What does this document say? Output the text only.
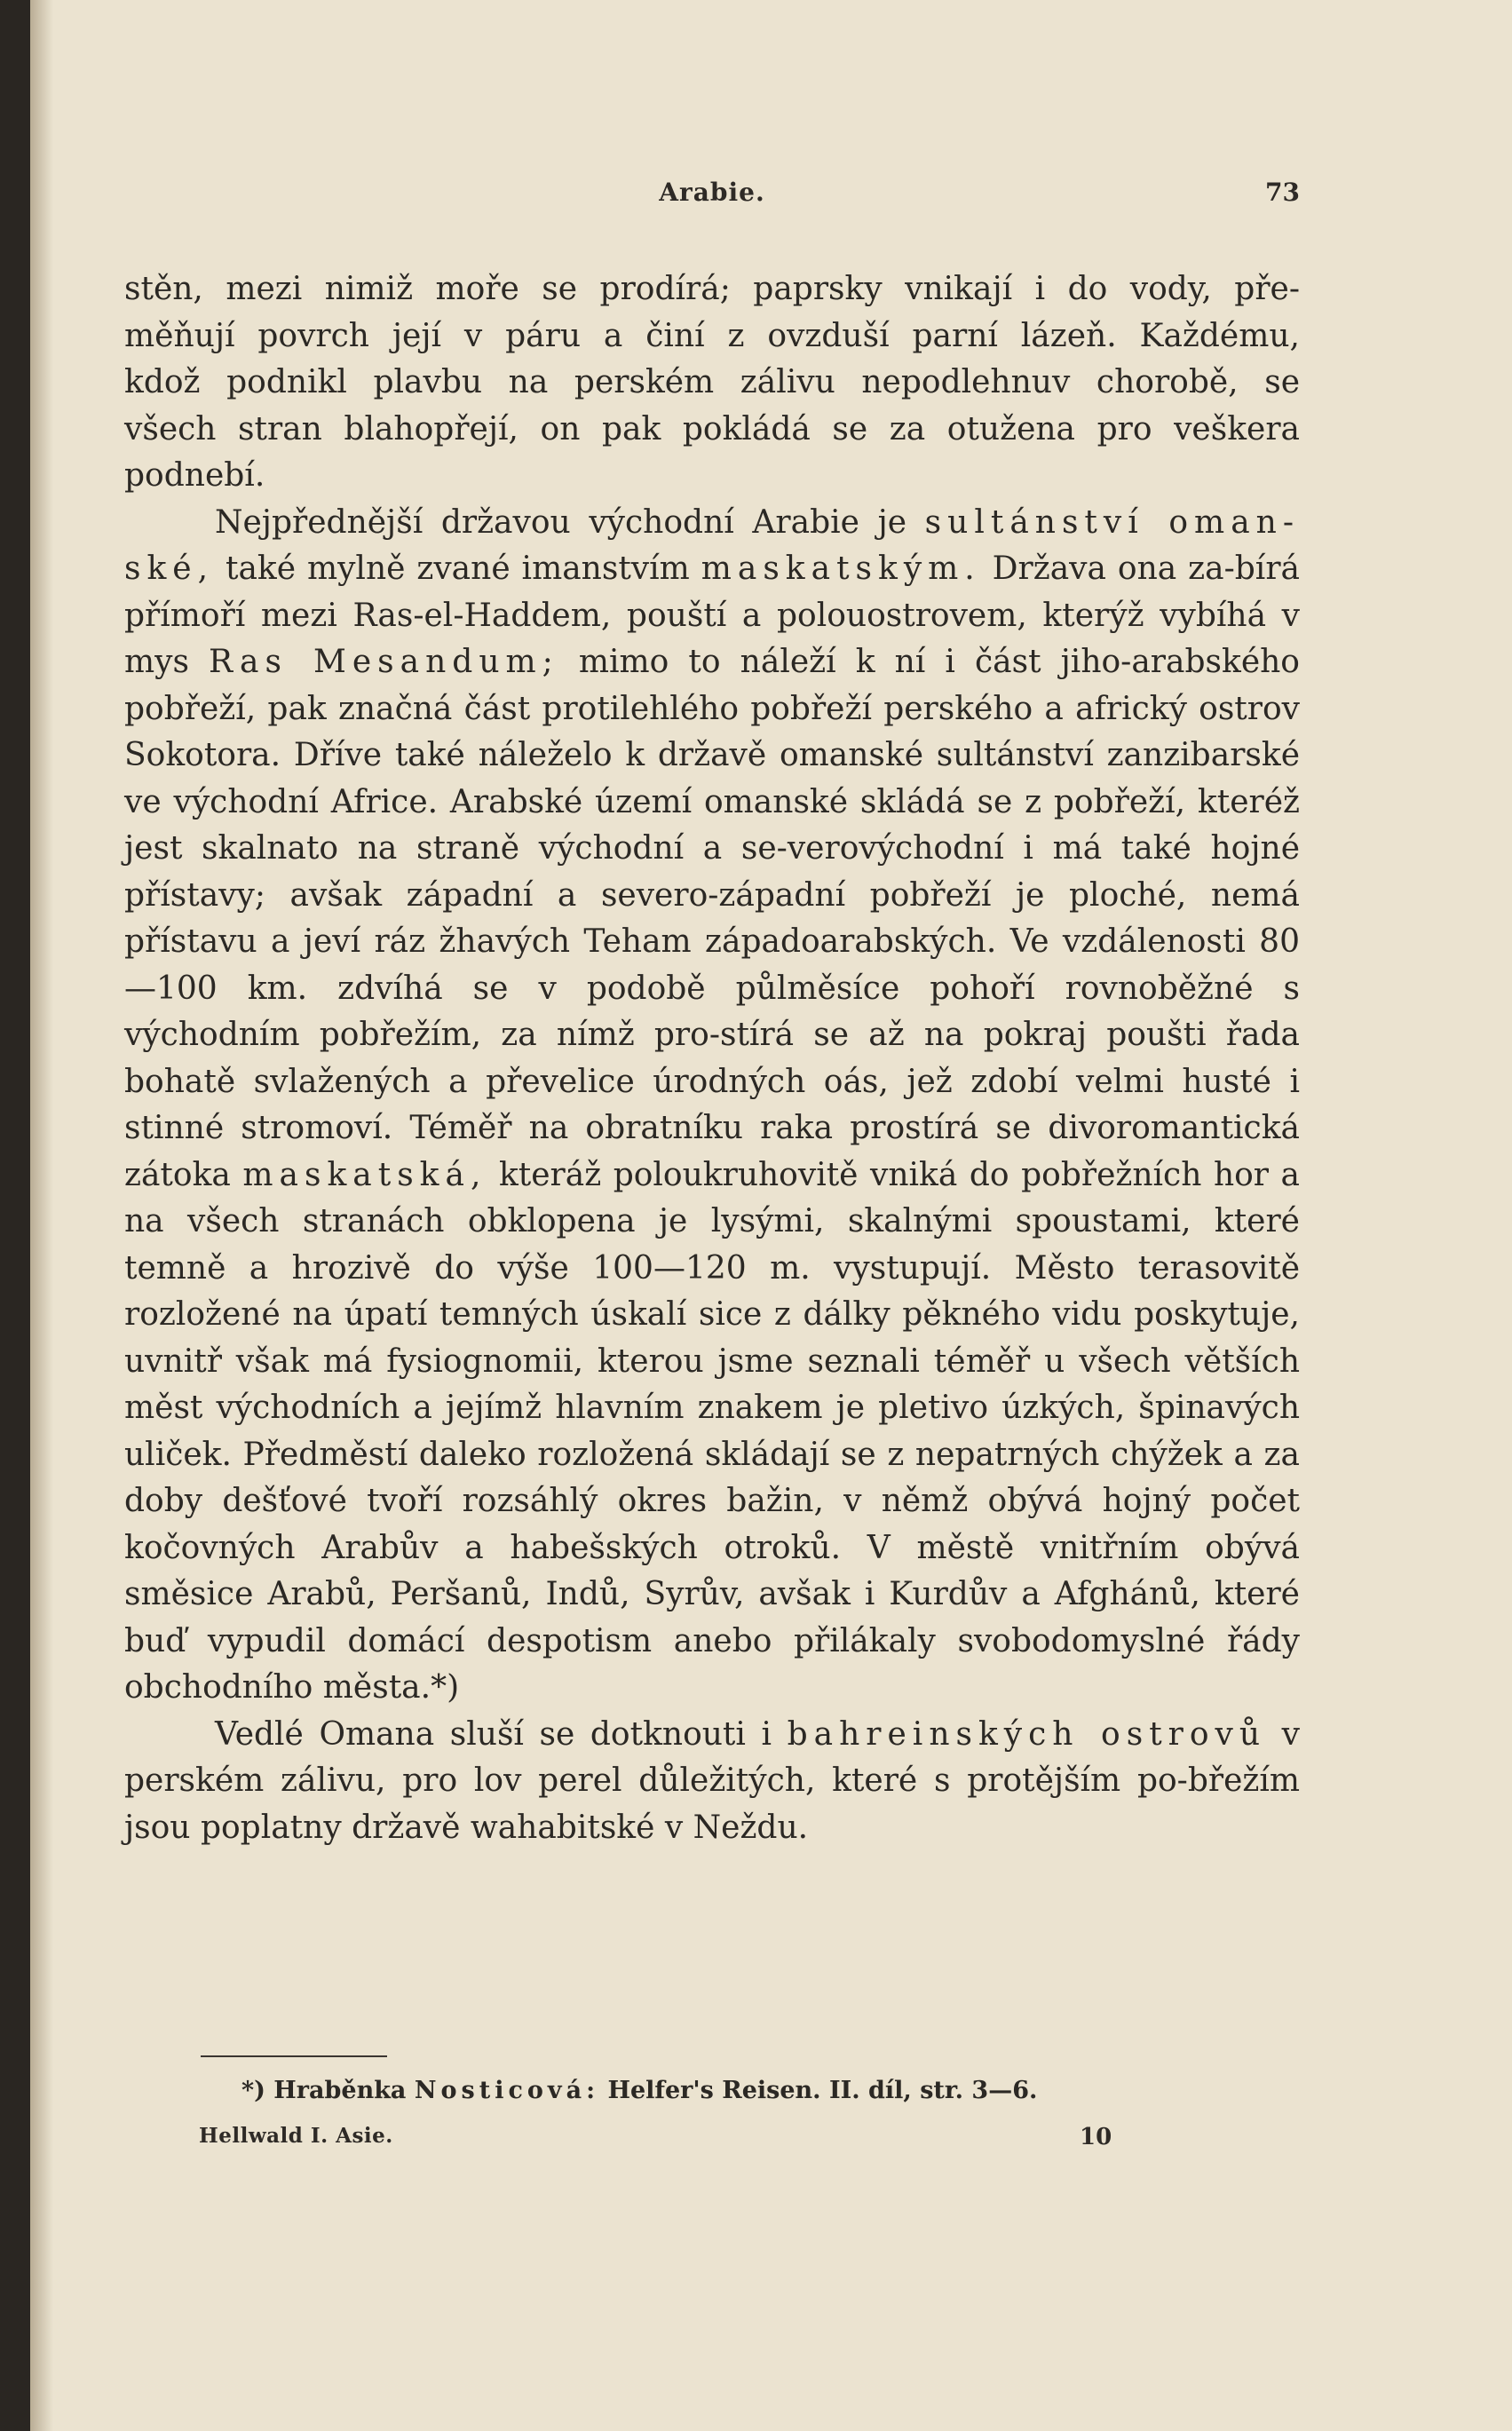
Arabie.	73

stěn, mezi nimiž moře se prodírá; paprsky vnikají i do vody, pře-
měňují povrch její v páru a činí z ovzduší parní lázeň. Každému,
kdož podnikl plavbu na perském zálivu nepodlehnuv chorobě, se
všech stran blahopřejí, on pak pokládá se za otužena pro veškera
podnebí.

Nejpřednější državou východní Arabie je sultánství oman- ské, také mylně zvané imanstvím maskatským. Država ona za-bírá přímoří mezi Ras-el-Haddem, pouští a polouostrovem, kterýž vybíhá v mys Ras Mesandum; mimo to náleží k ní i část jiho-arabského pobřeží, pak značná část protilehlého pobřeží perského a africký ostrov Sokotora. Dříve také náleželo k državě omanské sultánství zanzibarské ve východní Africe. Arabské území omanské skládá se z pobřeží, kteréž jest skalnato na straně východní a se-verovýchodní i má také hojné přístavy; avšak západní a severo-západní pobřeží je ploché, nemá přístavu a jeví ráz žhavých Teham západoarabských. Ve vzdálenosti 80—100 km. zdvíhá se v podobě půlměsíce pohoří rovnoběžné s východním pobřežím, za nímž pro-stírá se až na pokraj poušti řada bohatě svlažených a převelice úrodných oás, jež zdobí velmi husté i stinné stromoví. Téměř na obratníku raka prostírá se divoromantická zátoka maskatská, kteráž poloukruhovitě vniká do pobřežních hor a na všech stranách obklopena je lysými, skalnými spoustami, které temně a hrozivě do výše 100—120 m. vystupují. Město terasovitě rozložené na úpatí temných úskalí sice z dálky pěkného vidu poskytuje, uvnitř však má fysiognomii, kterou jsme seznali téměř u všech větších měst východních a jejímž hlavním znakem je pletivo úzkých, špinavých uliček. Předměstí daleko rozložená skládají se z nepatrných chýžek a za doby dešťové tvoří rozsáhlý okres bažin, v němž obývá hojný počet kočovných Arabův a habešských otroků. V městě vnitřním obývá směsice Arabů, Peršanů, Indů, Syrův, avšak i Kurdův a Afghánů, které buď vypudil domácí despotism anebo přilákaly svobodomyslné řády obchodního města.*)

Vedlé Omana sluší se dotknouti i bahreinských ostrovů v perském zálivu, pro lov perel důležitých, které s protějším po-břežím jsou poplatny državě wahabitské v Neždu.

*) Hraběnka Nosticová: Helfer's Reisen. II. díl, str. 3—6.
Hellwald I. Asie.	10
